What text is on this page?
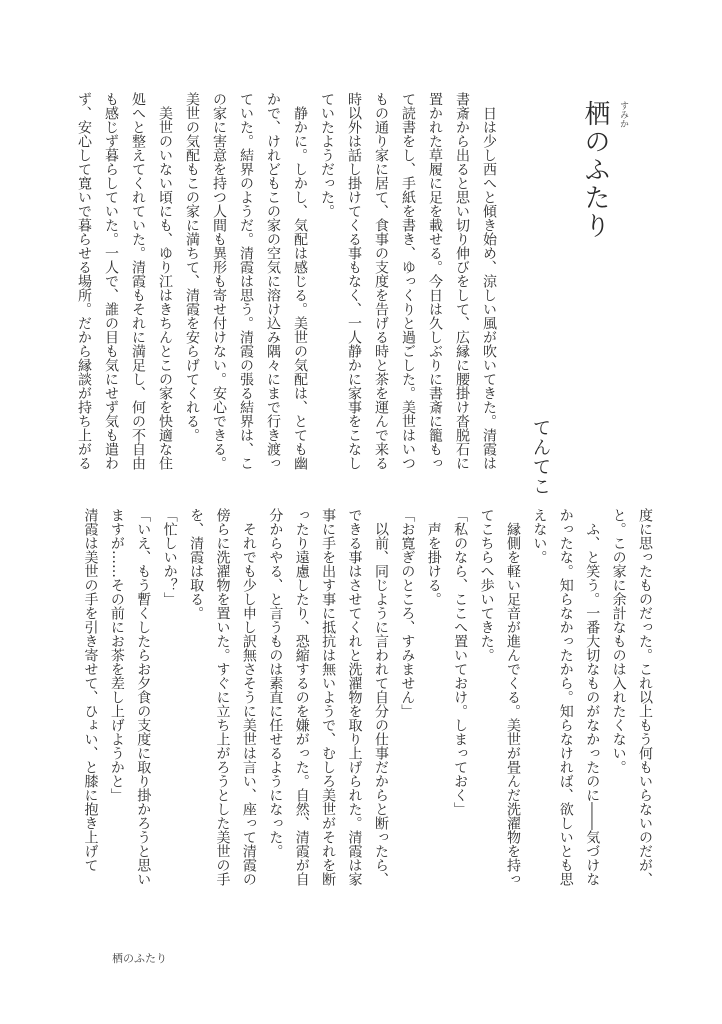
栖のふたり すみか
てんてこ
　日は少し西へと傾き始め、涼しい風が吹いてきた。清霞は
書斎から出ると思い切り伸びをして、広縁に腰掛け沓脱石に
置かれた草履に足を載せる。今日は久しぶりに書斎に籠もっ
て読書をし、手紙を書き、ゆっくりと過ごした。美世はいつ
もの通り家に居て、食事の支度を告げる時と茶を運んで来る
時以外は話し掛けてくる事もなく、一人静かに家事をこなし
ていたようだった。
　静かに。しかし、気配は感じる。美世の気配は、とても幽
かで、けれどもこの家の空気に溶け込み隅々にまで行き渡っ
ていた。結界のようだ。清霞は思う。清霞の張る結界は、こ
の家に害意を持つ人間も異形も寄せ付けない。安心できる。
美世の気配もこの家に満ちて、清霞を安らげてくれる。
　美世のいない頃にも、ゆり江はきちんとこの家を快適な住
処へと整えてくれていた。清霞もそれに満足し、何の不自由
も感じず暮らしていた。一人で、誰の目も気にせず気も遣わ
ず、安心して寛いで暮らせる場所。だから縁談が持ち上がる
度に思ったものだった。これ以上もう何もいらないのだが、
と。この家に余計なものは入れたくない。
　ふ、と笑う。一番大切なものがなかったのに――気づけな
かったな。知らなかったから。知らなければ、欲しいとも思
えない。
　縁側を軽い足音が進んでくる。美世が畳んだ洗濯物を持っ
てこちらへ歩いてきた。
「私のなら、ここへ置いておけ。しまっておく」
　声を掛ける。
「お寛ぎのところ、すみません」
　以前、同じように言われて自分の仕事だからと断ったら、
できる事はさせてくれと洗濯物を取り上げられた。清霞は家
事に手を出す事に抵抗は無いようで、むしろ美世がそれを断
ったり遠慮したり、恐縮するのを嫌がった。自然、清霞が自
分からやる、と言うものは素直に任せるようになった。
　それでも少し申し訳無さそうに美世は言い、座って清霞の
傍らに洗濯物を置いた。すぐに立ち上がろうとした美世の手
を、清霞は取る。
「忙しいか？」
「いえ、もう暫くしたらお夕食の支度に取り掛かろうと思い
ますが……その前にお茶を差し上げようかと」
清霞は美世の手を引き寄せて、ひょい、と膝に抱き上げて
栖のふたり
